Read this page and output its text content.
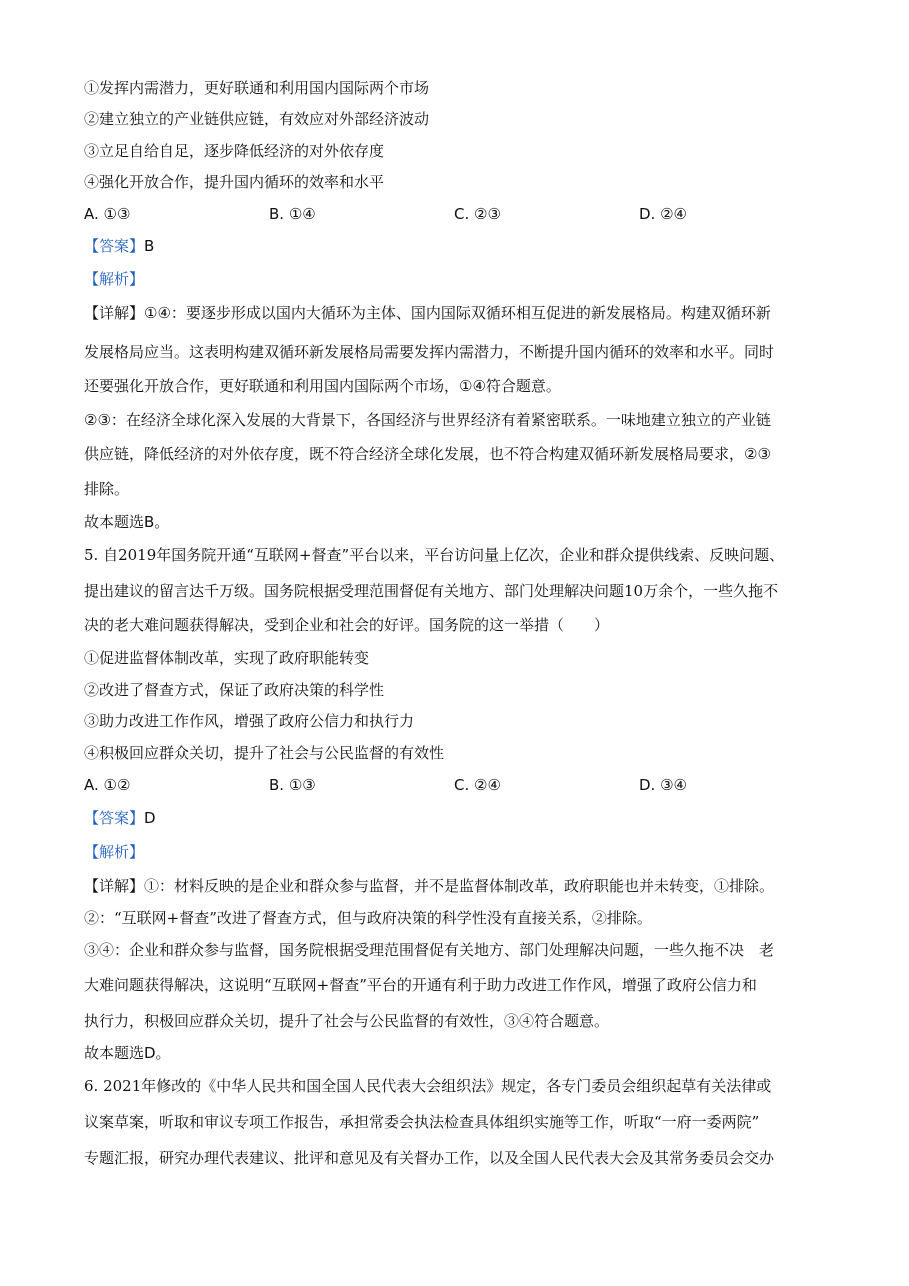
①发挥内需潜力，更好联通和利用国内国际两个市场
②建立独立的产业链供应链，有效应对外部经济波动
③立足自给自足，逐步降低经济的对外依存度
④强化开放合作，提升国内循环的效率和水平
A. ①③	B. ①④	C. ②③	D. ②④
【答案】B
【解析】
【详解】①④：要逐步形成以国内大循环为主体、国内国际双循环相互促进的新发展格局。构建双循环新
发展格局应当。这表明构建双循环新发展格局需要发挥内需潜力，不断提升国内循环的效率和水平。同时
还要强化开放合作，更好联通和利用国内国际两个市场，①④符合题意。
②③：在经济全球化深入发展的大背景下，各国经济与世界经济有着紧密联系。一味地建立独立的产业链
供应链，降低经济的对外依存度，既不符合经济全球化发展，也不符合构建双循环新发展格局要求，②③
排除。
故本题选B。
5. 自2019年国务院开通“互联网+督查”平台以来，平台访问量上亿次，企业和群众提供线索、反映问题、
提出建议的留言达千万级。国务院根据受理范围督促有关地方、部门处理解决问题10万余个，一些久拖不
决的老大难问题获得解决，受到企业和社会的好评。国务院的这一举措（　　）
①促进监督体制改革，实现了政府职能转变
②改进了督查方式，保证了政府决策的科学性
③助力改进工作作风，增强了政府公信力和执行力
④积极回应群众关切，提升了社会与公民监督的有效性
A. ①②	B. ①③	C. ②④	D. ③④
【答案】D
【解析】
【详解】①：材料反映的是企业和群众参与监督，并不是监督体制改革，政府职能也并未转变，①排除。
②：“互联网+督查”改进了督查方式，但与政府决策的科学性没有直接关系，②排除。
③④：企业和群众参与监督，国务院根据受理范围督促有关地方、部门处理解决问题，一些久拖不决　老
大难问题获得解决，这说明“互联网+督查”平台的开通有利于助力改进工作作风，增强了政府公信力和
执行力，积极回应群众关切，提升了社会与公民监督的有效性，③④符合题意。
故本题选D。
6. 2021年修改的《中华人民共和国全国人民代表大会组织法》规定，各专门委员会组织起草有关法律或
议案草案，听取和审议专项工作报告，承担常委会执法检查具体组织实施等工作，听取“一府一委两院”
专题汇报，研究办理代表建议、批评和意见及有关督办工作，以及全国人民代表大会及其常务委员会交办
